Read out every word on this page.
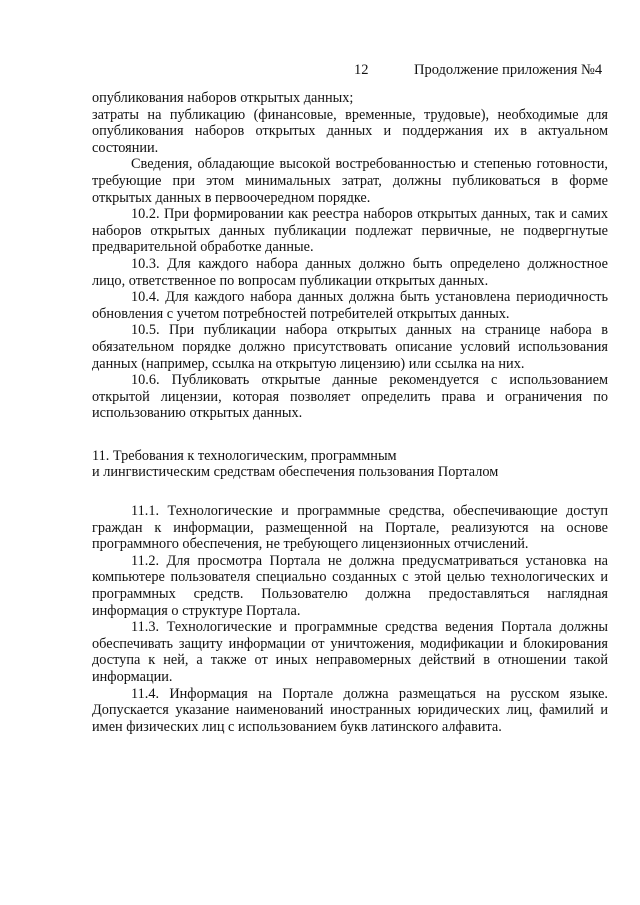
12	Продолжение приложения №4

опубликования наборов открытых данных;

затраты на публикацию (финансовые, временные, трудовые), необходимые для опубликования наборов открытых данных и поддержания их в актуальном состоянии.

Сведения, обладающие высокой востребованностью и степенью готовности, требующие при этом минимальных затрат, должны публиковаться в форме открытых данных в первоочередном порядке.

10.2. При формировании как реестра наборов открытых данных, так и самих наборов открытых данных публикации подлежат первичные, не подвергнутые предварительной обработке данные.

10.3. Для каждого набора данных должно быть определено должностное лицо, ответственное по вопросам публикации открытых данных.

10.4. Для каждого набора данных должна быть установлена периодичность обновления с учетом потребностей потребителей открытых данных.

10.5. При публикации набора открытых данных на странице набора в обязательном порядке должно присутствовать описание условий использования данных (например, ссылка на открытую лицензию) или ссылка на них.

10.6. Публиковать открытые данные рекомендуется с использованием открытой лицензии, которая позволяет определить права и ограничения по использованию открытых данных.

11. Требования к технологическим, программным

и лингвистическим средствам обеспечения пользования Порталом

11.1. Технологические и программные средства, обеспечивающие доступ граждан к информации, размещенной на Портале, реализуются на основе программного обеспечения, не требующего лицензионных отчислений.

11.2. Для просмотра Портала не должна предусматриваться установка на компьютере пользователя специально созданных с этой целью технологических и программных средств. Пользователю должна предоставляться наглядная информация о структуре Портала.

11.3. Технологические и программные средства ведения Портала должны обеспечивать защиту информации от уничтожения, модификации и блокирования доступа к ней, а также от иных неправомерных действий в отношении такой информации.

11.4. Информация на Портале должна размещаться на русском языке. Допускается указание наименований иностранных юридических лиц, фамилий и имен физических лиц с использованием букв латинского алфавита.
